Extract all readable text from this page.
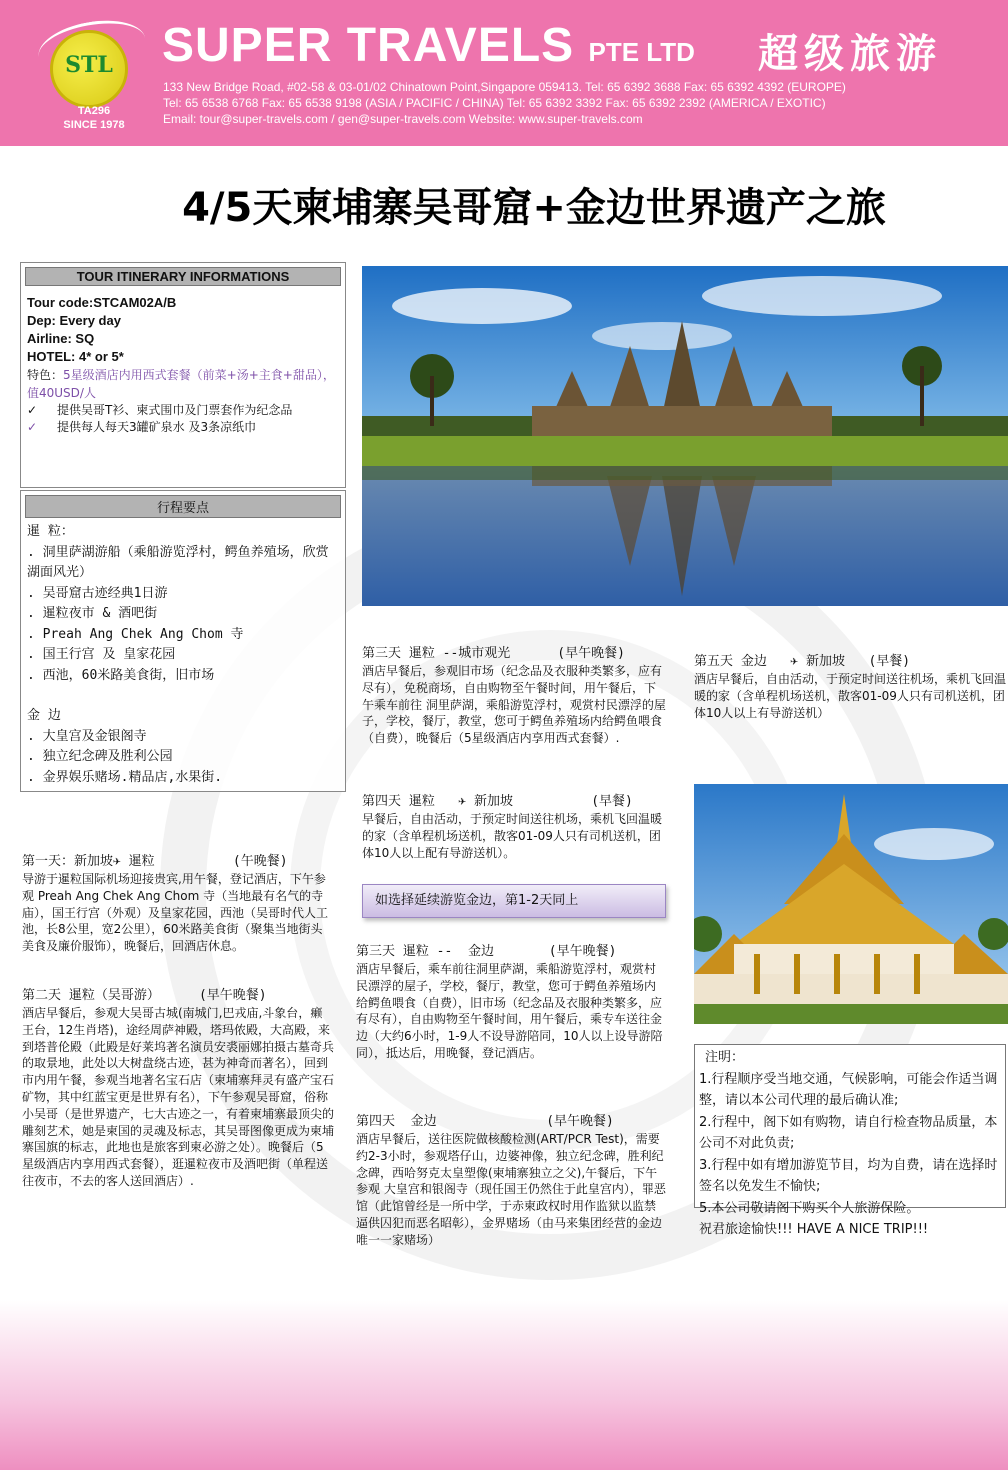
STL
TA296
SINCE 1978
SUPER TRAVELS PTE LTD 超级旅游
133 New Bridge Road, #02-58 & 03-01/02 Chinatown Point,Singapore 059413. Tel: 65 6392 3688 Fax: 65 6392 4392 (EUROPE)
Tel: 65 6538 6768 Fax: 65 6538 9198 (ASIA / PACIFIC / CHINA) Tel: 65 6392 3392 Fax: 65 6392 2392 (AMERICA / EXOTIC)
Email: tour@super-travels.com / gen@super-travels.com Website: www.super-travels.com
4/5天柬埔寨吴哥窟+金边世界遗产之旅
TOUR ITINERARY INFORMATIONS
Tour code:STCAM02A/B
Dep: Every day
Airline: SQ
HOTEL: 4* or 5*
特色：5星级酒店内用西式套餐（前菜+汤+主食+甜品），值40USD/人
✓	提供吴哥T衫、柬式围巾及门票套作为纪念品
✓	提供每人每天3罐矿泉水 及3条凉纸巾
行程要点
暹 粒：
. 洞里萨湖游船（乘船游览浮村，鳄鱼养殖场，欣赏湖面风光）
. 吴哥窟古迹经典1日游
. 暹粒夜市 & 酒吧街
. Preah Ang Chek Ang Chom 寺
. 国王行宫 及 皇家花园
. 西池，60米路美食街，旧市场
金 边
. 大皇宫及金银阁寺
. 独立纪念碑及胜利公园
. 金界娱乐赌场.精品店,水果街.
第三天 暹粒 --城市观光      (早午晚餐)
酒店早餐后，参观旧市场（纪念品及衣服种类繁多，应有尽有），免税商场，自由购物至午餐时间，用午餐后，下午乘车前往 洞里萨湖，乘船游览浮村，观赏村民漂浮的屋子，学校，餐厅，教堂，您可于鳄鱼养殖场内给鳄鱼喂食（自费），晚餐后（5星级酒店内享用西式套餐）.
第四天 暹粒   ✈ 新加坡          (早餐)
早餐后，自由活动，于预定时间送往机场，乘机飞回温暖的家（含单程机场送机，散客01-09人只有司机送机，团体10人以上配有导游送机）。
如选择延续游览金边，第1-2天同上
第三天 暹粒 --  金边       (早午晚餐)
酒店早餐后，乘车前往洞里萨湖，乘船游览浮村，观赏村民漂浮的屋子，学校，餐厅，教堂，您可于鳄鱼养殖场内给鳄鱼喂食（自费），旧市场（纪念品及衣服种类繁多，应有尽有），自由购物至午餐时间，用午餐后，乘专车送往金边（大约6小时，1-9人不设导游陪同，10人以上设导游陪同），抵达后，用晚餐，登记酒店。
第四天  金边              (早午晚餐)
酒店早餐后，送往医院做核酸检测(ART/PCR Test)，需要约2-3小时，参观塔仔山，边婆神像，独立纪念碑，胜利纪念碑，西哈努克太皇塑像(柬埔寨独立之父),午餐后，下午参观 大皇宫和银阁寺（现任国王仍然住于此皇宫内），罪恶馆（此馆曾经是一所中学，于赤柬政权时用作监狱以监禁逼供囚犯而恶名昭彰），金界赌场（由马来集团经营的金边唯一一家赌场）
第五天 金边   ✈ 新加坡   (早餐)
酒店早餐后，自由活动，于预定时间送往机场，乘机飞回温暖的家（含单程机场送机，散客01-09人只有司机送机，团体10人以上有导游送机）
注明：
1.行程顺序受当地交通，气候影响，可能会作适当调整，请以本公司代理的最后确认准;
2.行程中，阁下如有购物，请自行检查物品质量，本公司不对此负责;
3.行程中如有增加游览节目，均为自费，请在选择时签名以免发生不愉快;
5.本公司敬请阁下购买个人旅游保险。
祝君旅途愉快!!! HAVE A NICE TRIP!!!
第一天：新加坡✈ 暹粒          (午晚餐)
导游于暹粒国际机场迎接贵宾,用午餐，登记酒店，下午参观 Preah Ang Chek Ang Chom 寺（当地最有名气的寺庙），国王行宫（外观）及皇家花园，西池（吴哥时代人工池，长8公里，宽2公里），60米路美食街（聚集当地街头美食及廉价服饰），晚餐后，回酒店休息。
第二天 暹粒（吴哥游）     (早午晚餐)
酒店早餐后，参观大吴哥古城(南城门,巴戎庙,斗象台，癞王台，12生肖塔)，途经周萨神殿，塔玛侬殿，大高殿，来到塔普伦殿（此殿是好莱坞著名演员安裘丽娜拍摄古墓奇兵的取景地，此处以大树盘绕古迹，甚为神奇而著名），回到市内用午餐，参观当地著名宝石店（柬埔寨拜灵有盛产宝石矿物，其中红蓝宝更是世界有名），下午参观吴哥窟，俗称小吴哥（是世界遗产，七大古迹之一，有着柬埔寨最顶尖的雕刻艺术，她是柬国的灵魂及标志，其吴哥图像更成为柬埔寨国旗的标志，此地也是旅客到柬必游之处）。晚餐后（5星级酒店内享用西式套餐），逛暹粒夜市及酒吧街（单程送往夜市，不去的客人送回酒店）.
